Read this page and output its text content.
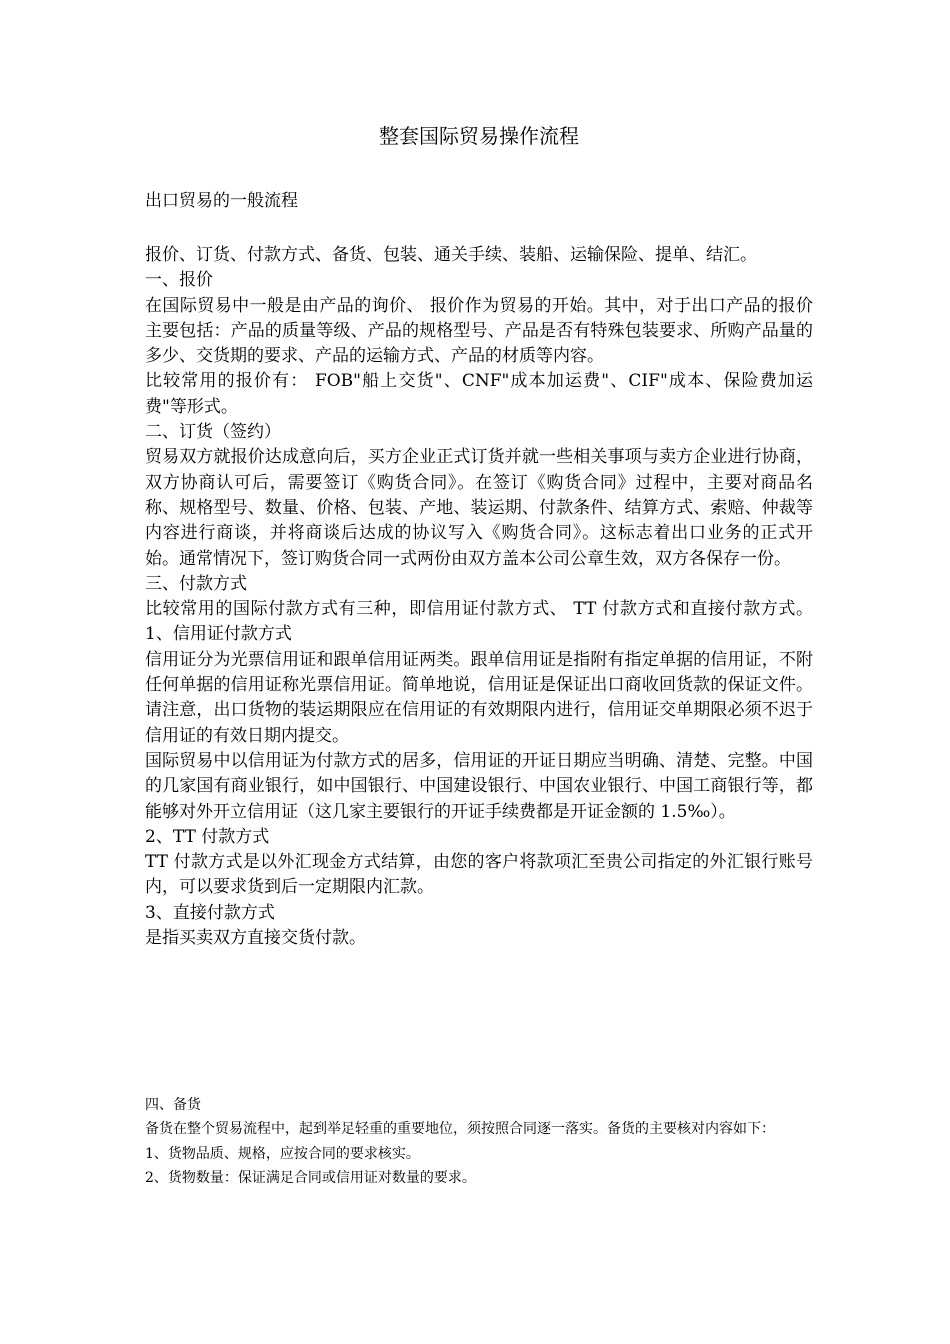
整套国际贸易操作流程

出口贸易的一般流程

报价、订货、付款方式、备货、包装、通关手续、装船、运输保险、提单、结汇。

一、报价

在国际贸易中一般是由产品的询价、 报价作为贸易的开始。其中，对于出口产品的报价主要包括：产品的质量等级、产品的规格型号、产品是否有特殊包装要求、所购产品量的多少、交货期的要求、产品的运输方式、产品的材质等内容。

比较常用的报价有： FOB"船上交货"、CNF"成本加运费"、CIF"成本、保险费加运费"等形式。

二、订货（签约）

贸易双方就报价达成意向后，买方企业正式订货并就一些相关事项与卖方企业进行协商，双方协商认可后，需要签订《购货合同》。在签订《购货合同》过程中，主要对商品名称、规格型号、数量、价格、包装、产地、装运期、付款条件、结算方式、索赔、仲裁等内容进行商谈，并将商谈后达成的协议写入《购货合同》。这标志着出口业务的正式开始。通常情况下，签订购货合同一式两份由双方盖本公司公章生效，双方各保存一份。

三、付款方式

比较常用的国际付款方式有三种，即信用证付款方式、 TT 付款方式和直接付款方式。1、信用证付款方式

信用证分为光票信用证和跟单信用证两类。跟单信用证是指附有指定单据的信用证，不附任何单据的信用证称光票信用证。简单地说，信用证是保证出口商收回货款的保证文件。请注意，出口货物的装运期限应在信用证的有效期限内进行，信用证交单期限必须不迟于信用证的有效日期内提交。

国际贸易中以信用证为付款方式的居多，信用证的开证日期应当明确、清楚、完整。中国的几家国有商业银行，如中国银行、中国建设银行、中国农业银行、中国工商银行等，都能够对外开立信用证（这几家主要银行的开证手续费都是开证金额的 1.5‰）。

2、TT 付款方式

TT 付款方式是以外汇现金方式结算，由您的客户将款项汇至贵公司指定的外汇银行账号内，可以要求货到后一定期限内汇款。

3、直接付款方式

是指买卖双方直接交货付款。

四、备货

备货在整个贸易流程中，起到举足轻重的重要地位，须按照合同逐一落实。备货的主要核对内容如下：

1、货物品质、规格，应按合同的要求核实。

2、货物数量：保证满足合同或信用证对数量的要求。
